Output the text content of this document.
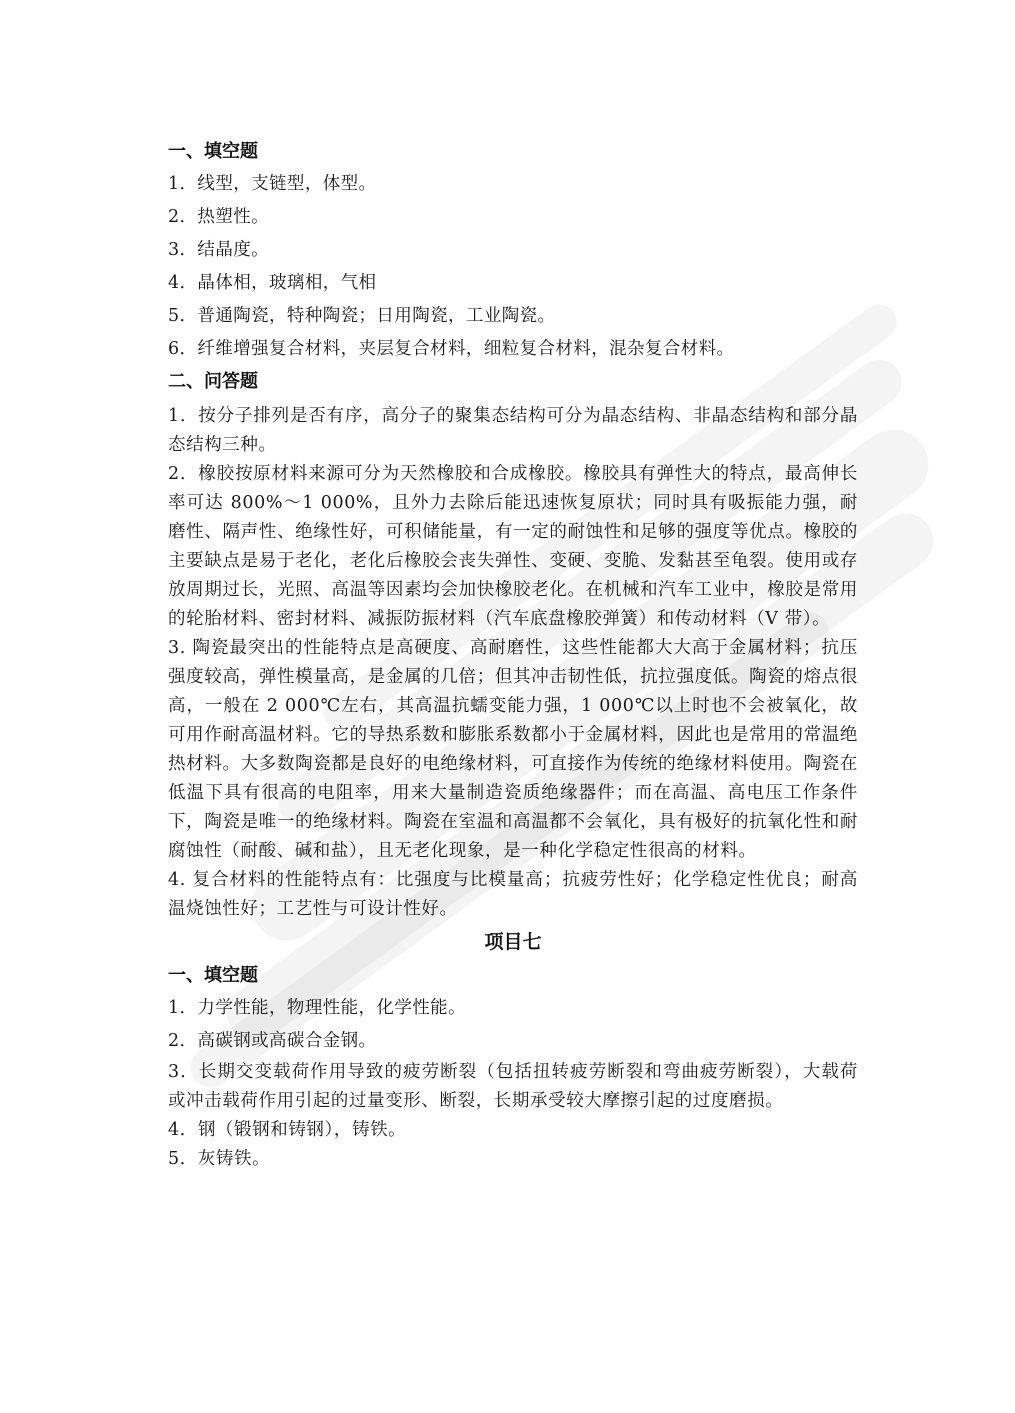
一、填空题

1．线型，支链型，体型。

2．热塑性。

3．结晶度。

4．晶体相，玻璃相，气相

5．普通陶瓷，特种陶瓷；日用陶瓷，工业陶瓷。

6．纤维增强复合材料，夹层复合材料，细粒复合材料，混杂复合材料。

二、问答题

1．按分子排列是否有序，高分子的聚集态结构可分为晶态结构、非晶态结构和部分晶态结构三种。

2．橡胶按原材料来源可分为天然橡胶和合成橡胶。橡胶具有弹性大的特点，最高伸长率可达 800%～1 000%，且外力去除后能迅速恢复原状；同时具有吸振能力强，耐磨性、隔声性、绝缘性好，可积储能量，有一定的耐蚀性和足够的强度等优点。橡胶的主要缺点是易于老化，老化后橡胶会丧失弹性、变硬、变脆、发黏甚至龟裂。使用或存放周期过长，光照、高温等因素均会加快橡胶老化。在机械和汽车工业中，橡胶是常用的轮胎材料、密封材料、减振防振材料（汽车底盘橡胶弹簧）和传动材料（V 带）。

3. 陶瓷最突出的性能特点是高硬度、高耐磨性，这些性能都大大高于金属材料；抗压强度较高，弹性模量高，是金属的几倍；但其冲击韧性低，抗拉强度低。陶瓷的熔点很高，一般在 2 000℃左右，其高温抗蠕变能力强，1 000℃以上时也不会被氧化，故可用作耐高温材料。它的导热系数和膨胀系数都小于金属材料，因此也是常用的常温绝热材料。大多数陶瓷都是良好的电绝缘材料，可直接作为传统的绝缘材料使用。陶瓷在低温下具有很高的电阻率，用来大量制造瓷质绝缘器件；而在高温、高电压工作条件下，陶瓷是唯一的绝缘材料。陶瓷在室温和高温都不会氧化，具有极好的抗氧化性和耐腐蚀性（耐酸、碱和盐），且无老化现象，是一种化学稳定性很高的材料。

4. 复合材料的性能特点有：比强度与比模量高；抗疲劳性好；化学稳定性优良；耐高温烧蚀性好；工艺性与可设计性好。

项目七

一、填空题

1．力学性能，物理性能，化学性能。

2．高碳钢或高碳合金钢。

3．长期交变载荷作用导致的疲劳断裂（包括扭转疲劳断裂和弯曲疲劳断裂），大载荷或冲击载荷作用引起的过量变形、断裂，长期承受较大摩擦引起的过度磨损。

4．钢（锻钢和铸钢），铸铁。

5．灰铸铁。
